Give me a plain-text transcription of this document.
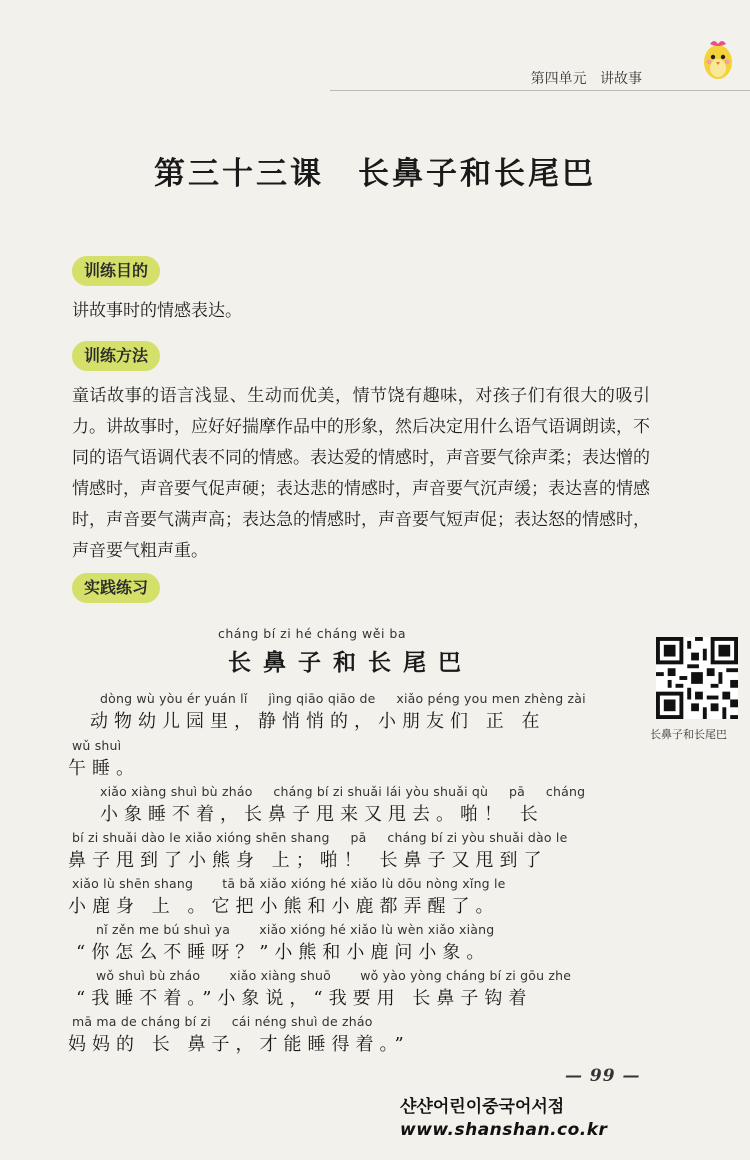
第四单元 讲故事
第三十三课　长鼻子和长尾巴
训练目的

讲故事时的情感表达。

训练方法

童话故事的语言浅显、生动而优美，情节饶有趣味，对孩子们有很大的吸引力。讲故事时，应好好揣摩作品中的形象，然后决定用什么语气语调朗读，不同的语气语调代表不同的情感。表达爱的情感时，声音要气徐声柔；表达憎的情感时，声音要气促声硬；表达悲的情感时，声音要气沉声缓；表达喜的情感时，声音要气满声高；表达急的情感时，声音要气短声促；表达怒的情感时，声音要气粗声重。

实践练习
cháng bí zi hé cháng wěi ba
长鼻子和长尾巴
长鼻子和长尾巴
dòng wù yòu ér yuán lǐ     jìng qiāo qiāo de     xiǎo péng you men zhèng zài
动物幼儿园里，静悄悄的，小朋友们 正 在
wǔ shuì
午睡。
xiǎo xiàng shuì bù zháo     cháng bí zi shuǎi lái yòu shuǎi qù     pā     cháng
小象睡不着，长鼻子甩来又甩去。啪！ 长
bí zi shuǎi dào le xiǎo xióng shēn shang     pā     cháng bí zi yòu shuǎi dào le
鼻子甩到了小熊身 上；啪！ 长鼻子又甩到了
xiǎo lù shēn shang       tā bǎ xiǎo xióng hé xiǎo lù dōu nòng xǐng le
小鹿身 上 。它把小熊和小鹿都弄醒了。
nǐ zěn me bú shuì ya       xiǎo xióng hé xiǎo lù wèn xiǎo xiàng
“你怎么不睡呀？”小熊和小鹿问小象。
wǒ shuì bù zháo       xiǎo xiàng shuō       wǒ yào yòng cháng bí zi gōu zhe
“我睡不着。”小象说，“我要用 长鼻子钩着
mā ma de cháng bí zi     cái néng shuì de zháo
妈妈的 长 鼻子，才能睡得着。”
— 99 —
샨샨어린이중국어서점
www.shanshan.co.kr
